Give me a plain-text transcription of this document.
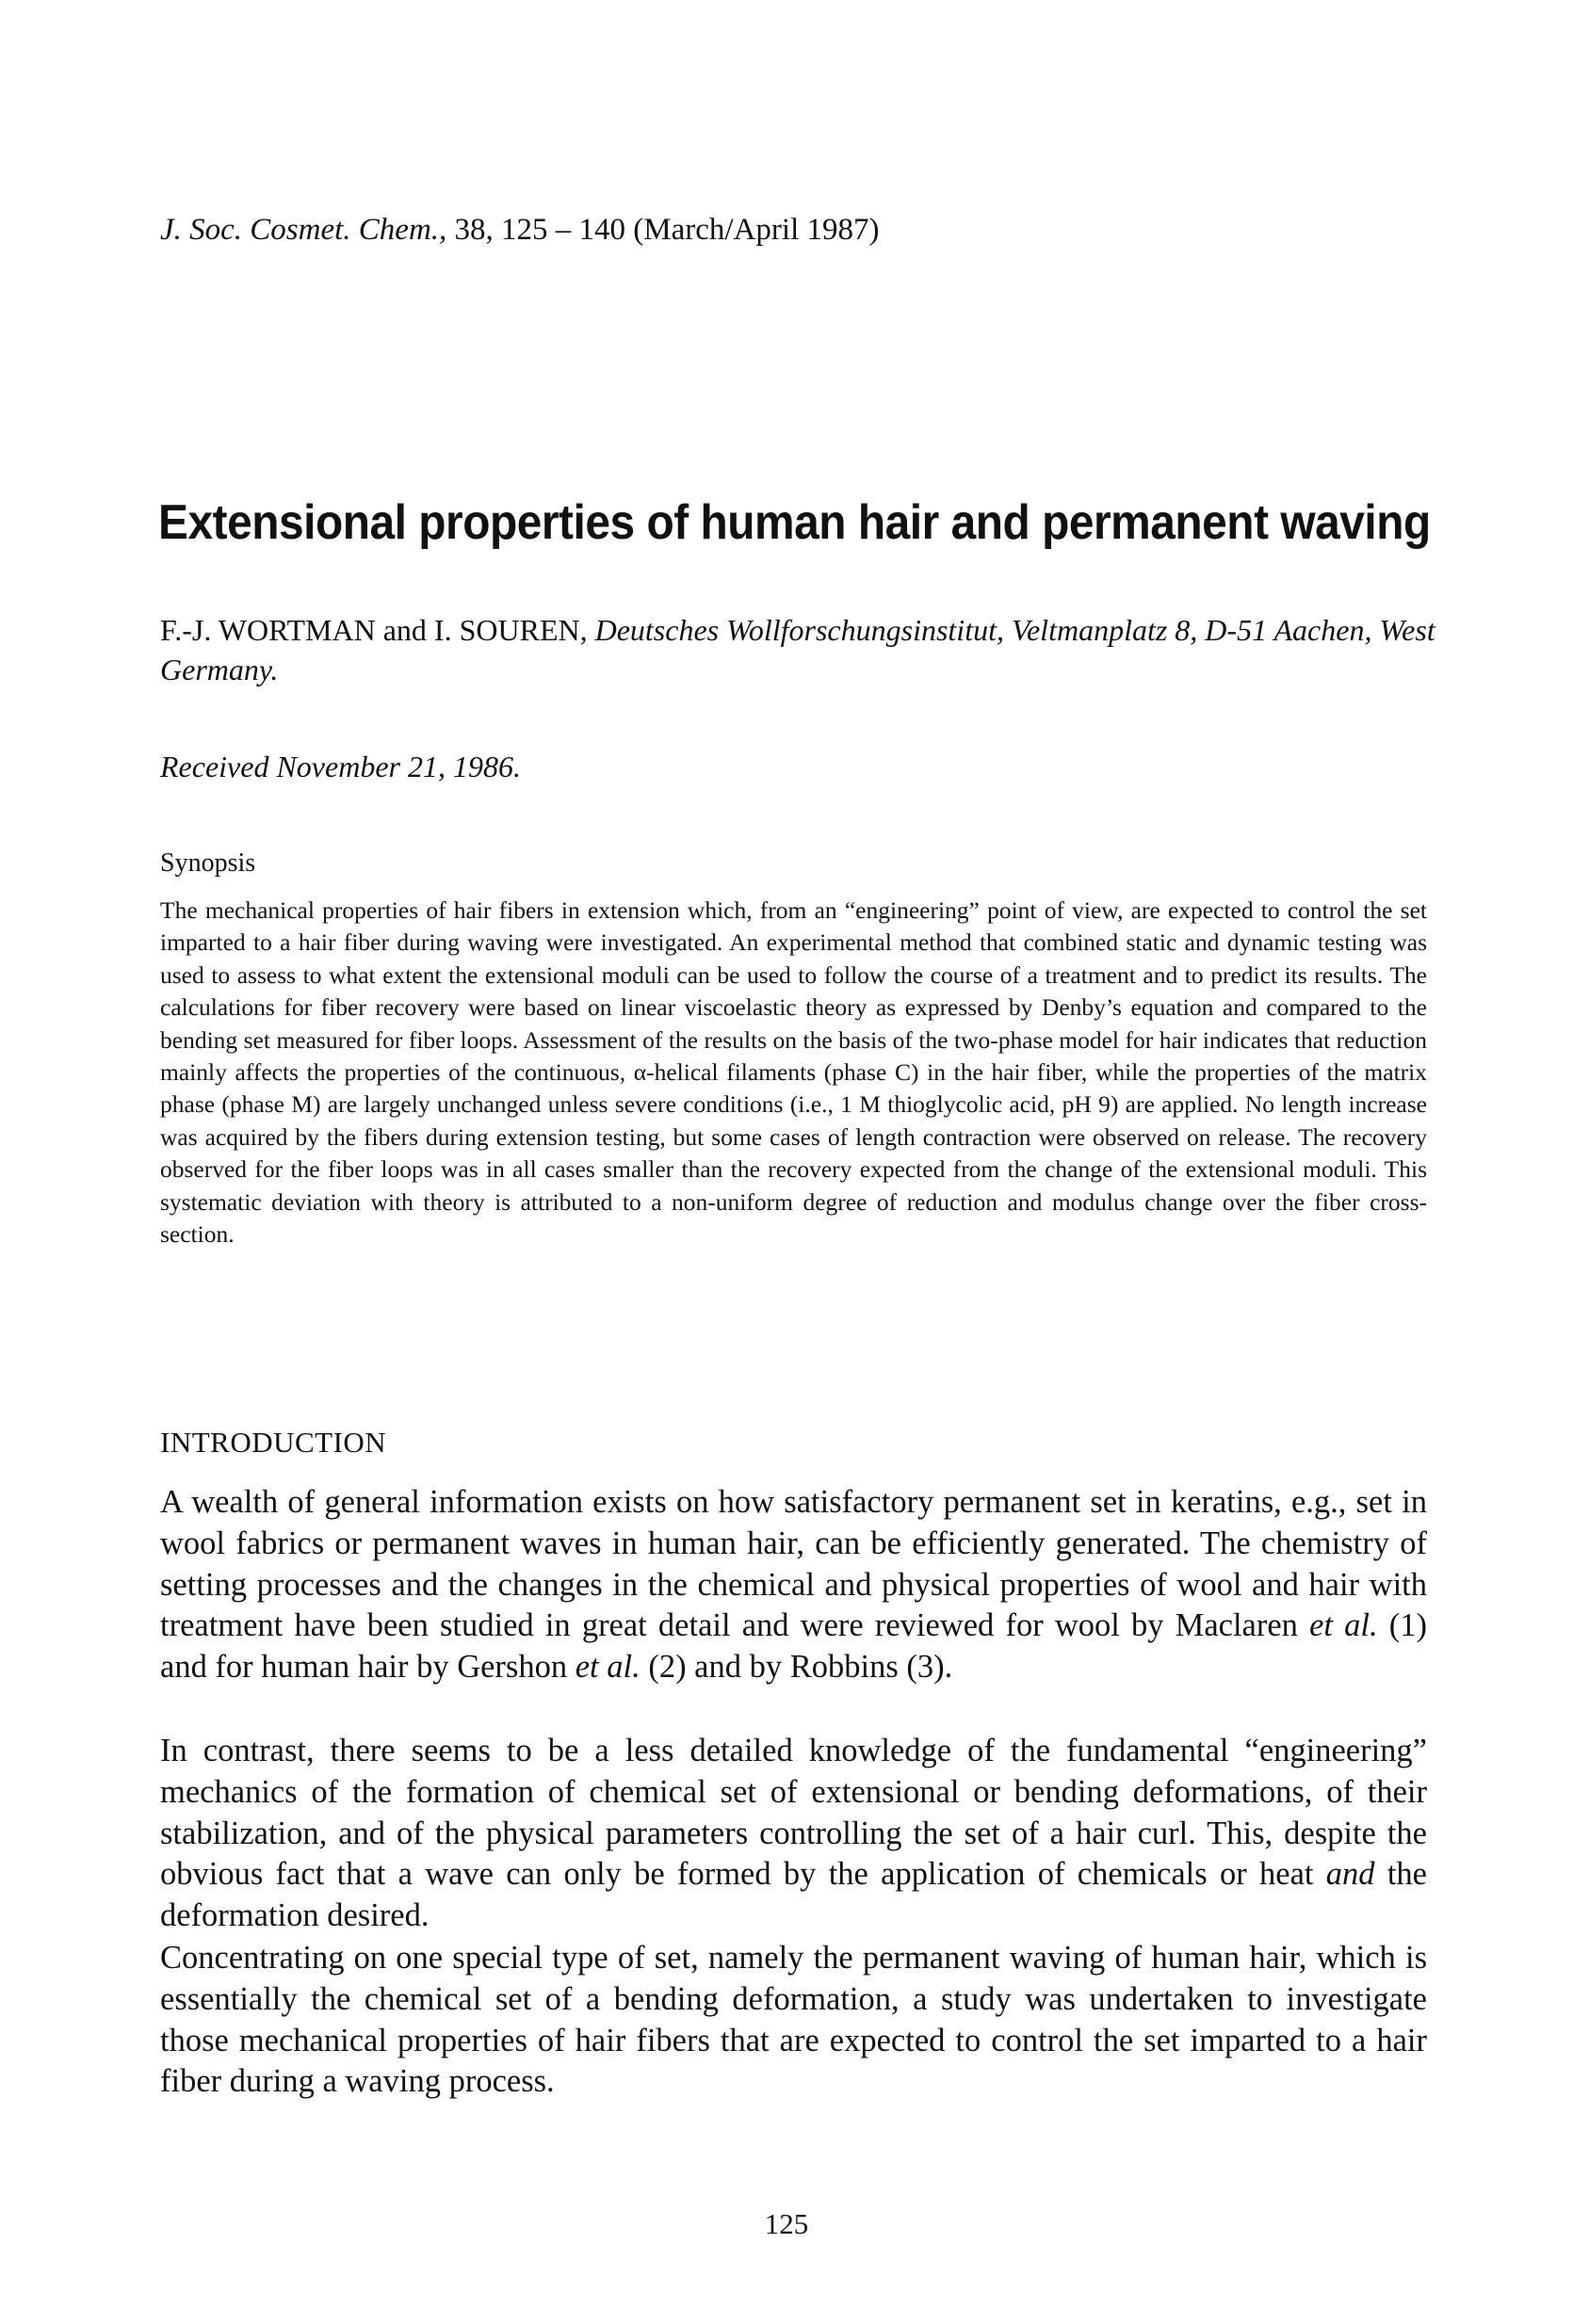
J. Soc. Cosmet. Chem., 38, 125 – 140 (March/April 1987)
Extensional properties of human hair and permanent waving
F.-J. WORTMAN and I. SOUREN, Deutsches Wollforschungsinstitut, Veltmanplatz 8, D-51 Aachen, West Germany.
Received November 21, 1986.
Synopsis

The mechanical properties of hair fibers in extension which, from an “engineering” point of view, are expected to control the set imparted to a hair fiber during waving were investigated. An experimental method that combined static and dynamic testing was used to assess to what extent the extensional moduli can be used to follow the course of a treatment and to predict its results. The calculations for fiber recovery were based on linear viscoelastic theory as expressed by Denby’s equation and compared to the bending set measured for fiber loops. Assessment of the results on the basis of the two-phase model for hair indicates that reduction mainly affects the properties of the continuous, α-helical filaments (phase C) in the hair fiber, while the properties of the matrix phase (phase M) are largely unchanged unless severe conditions (i.e., 1 M thioglycolic acid, pH 9) are applied. No length increase was acquired by the fibers during extension testing, but some cases of length contraction were observed on release. The recovery observed for the fiber loops was in all cases smaller than the recovery expected from the change of the extensional moduli. This systematic deviation with theory is attributed to a non-uniform degree of reduction and modulus change over the fiber cross-section.

INTRODUCTION

A wealth of general information exists on how satisfactory permanent set in keratins, e.g., set in wool fabrics or permanent waves in human hair, can be efficiently generated. The chemistry of setting processes and the changes in the chemical and physical properties of wool and hair with treatment have been studied in great detail and were reviewed for wool by Maclaren et al. (1) and for human hair by Gershon et al. (2) and by Robbins (3).

In contrast, there seems to be a less detailed knowledge of the fundamental “engineering” mechanics of the formation of chemical set of extensional or bending deformations, of their stabilization, and of the physical parameters controlling the set of a hair curl. This, despite the obvious fact that a wave can only be formed by the application of chemicals or heat and the deformation desired.

Concentrating on one special type of set, namely the permanent waving of human hair, which is essentially the chemical set of a bending deformation, a study was undertaken to investigate those mechanical properties of hair fibers that are expected to control the set imparted to a hair fiber during a waving process.

125
